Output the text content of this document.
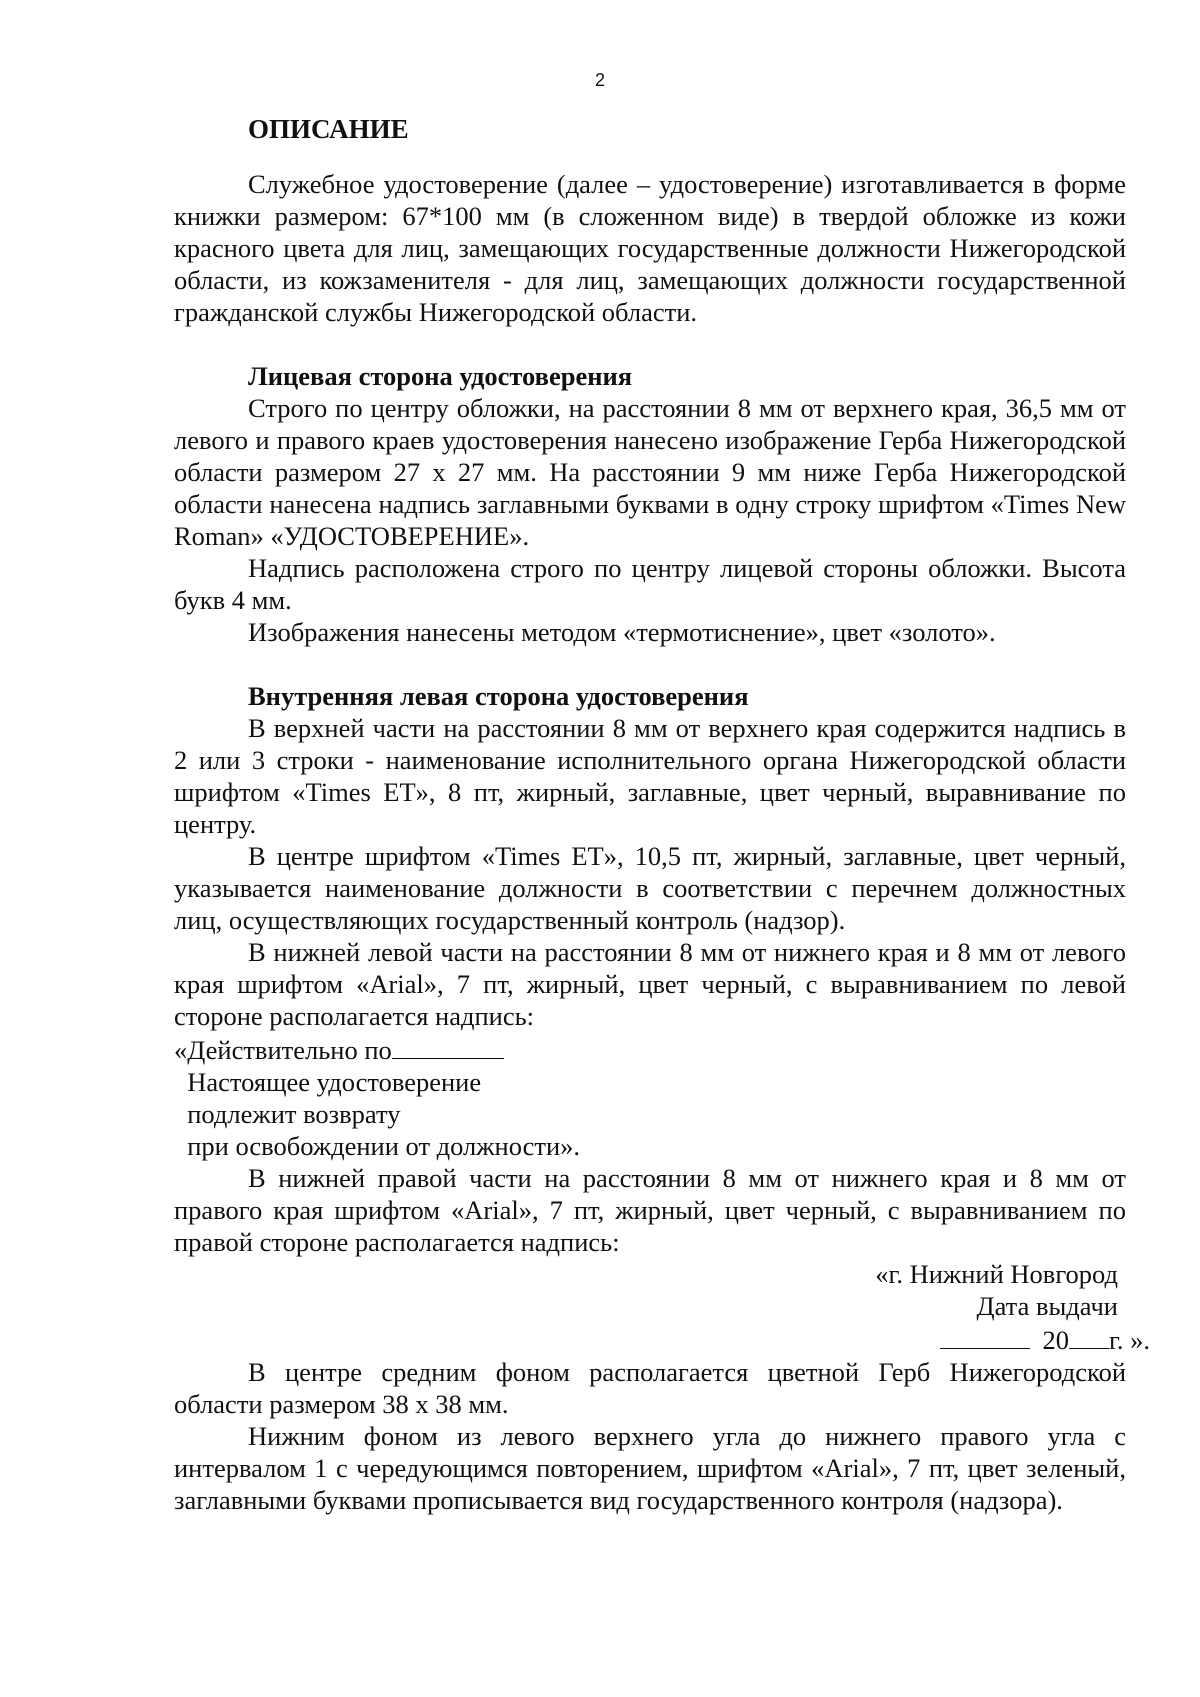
2
ОПИСАНИЕ

Служебное удостоверение (далее – удостоверение) изготавливается в форме книжки размером: 67*100 мм (в сложенном виде) в твердой обложке из кожи красного цвета для лиц, замещающих государственные должности Нижегородской области, из кожзаменителя - для лиц, замещающих должности государственной гражданской службы Нижегородской области.

Лицевая сторона удостоверения

Строго по центру обложки, на расстоянии 8 мм от верхнего края, 36,5 мм от левого и правого краев удостоверения нанесено изображение Герба Нижегородской области размером 27 х 27 мм. На расстоянии 9 мм ниже Герба Нижегородской области нанесена надпись заглавными буквами в одну строку шрифтом «Times New Roman» «УДОСТОВЕРЕНИЕ».

Надпись расположена строго по центру лицевой стороны обложки. Высота букв 4 мм.

Изображения нанесены методом «термотиснение», цвет «золото».

Внутренняя левая сторона удостоверения

В верхней части на расстоянии 8 мм от верхнего края содержится надпись в 2 или 3 строки - наименование исполнительного органа Нижегородской области шрифтом «Times ET», 8 пт, жирный, заглавные, цвет черный, выравнивание по центру.

В центре шрифтом «Times ET», 10,5 пт, жирный, заглавные, цвет черный, указывается наименование должности в соответствии с перечнем должностных лиц, осуществляющих государственный контроль (надзор).

В нижней левой части на расстоянии 8 мм от нижнего края и 8 мм от левого края шрифтом «Arial», 7 пт, жирный, цвет черный, с выравниванием по левой стороне располагается надпись:

«Действительно по
Настоящее удостоверение
подлежит возврату
при освобождении от должности».

В нижней правой части на расстоянии 8 мм от нижнего края и 8 мм от правого края шрифтом «Arial», 7 пт, жирный, цвет черный, с выравниванием по правой стороне располагается надпись:

«г. Нижний Новгород
Дата выдачи
20 г. ».

В центре средним фоном располагается цветной Герб Нижегородской области размером 38 х 38 мм.

Нижним фоном из левого верхнего угла до нижнего правого угла с интервалом 1 с чередующимся повторением, шрифтом «Arial», 7 пт, цвет зеленый, заглавными буквами прописывается вид государственного контроля (надзора).
